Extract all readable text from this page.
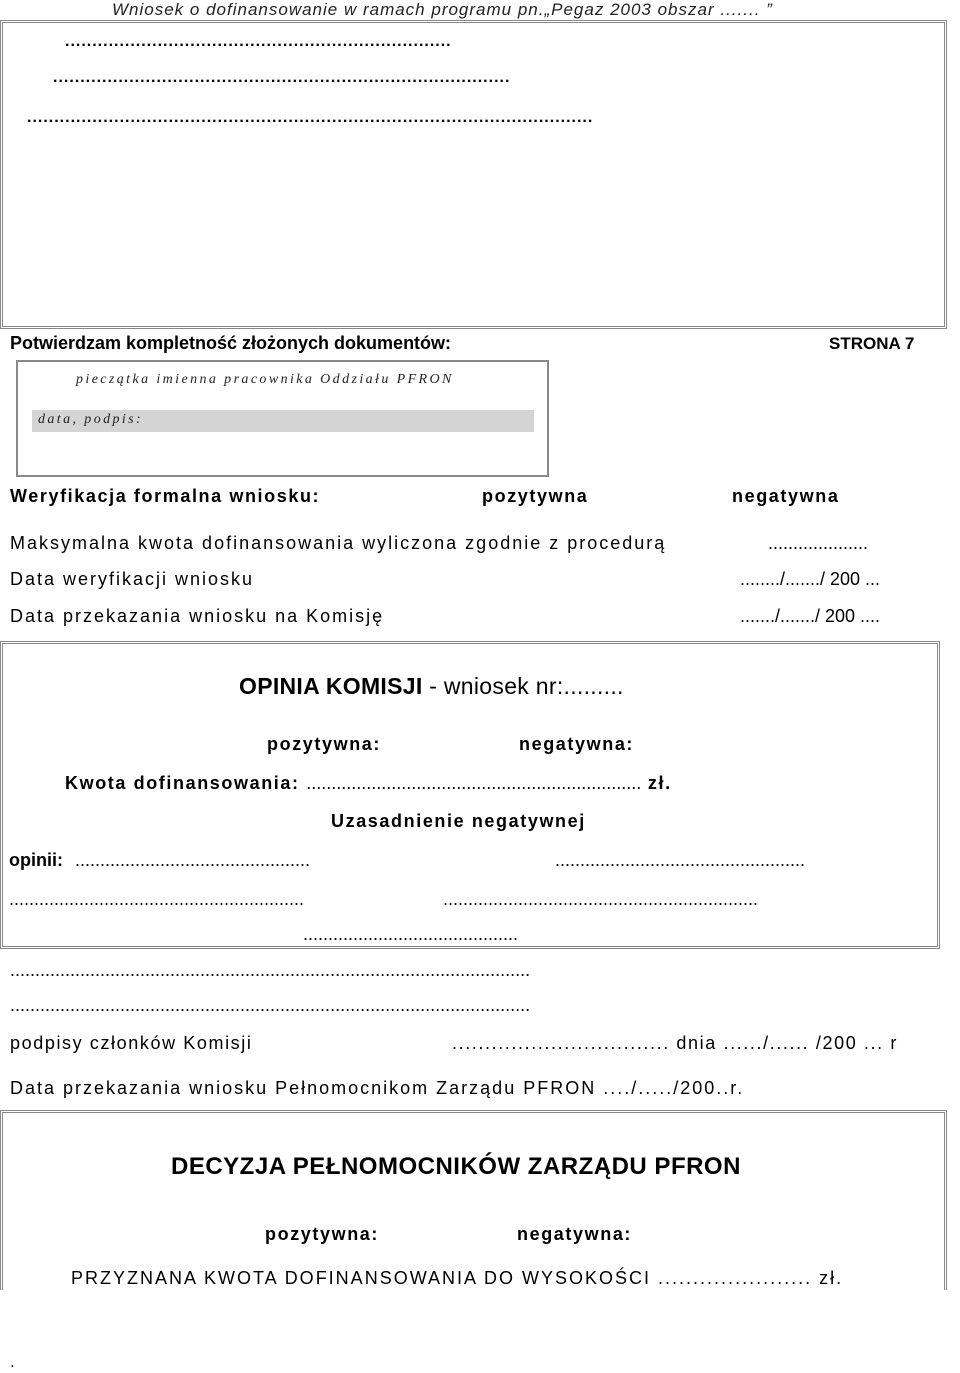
Wniosek o dofinansowanie w ramach programu pn.„Pegaz 2003 obszar ....... ”
.......................................................................
....................................................................................
........................................................................................................
Potwierdzam kompletność złożonych dokumentów:	STRONA 7
pieczątka imienna pracownika Oddziału PFRON
data, podpis:
Weryfikacja formalna wniosku:	pozytywna	negatywna
Maksymalna kwota dofinansowania wyliczona zgodnie z procedurą	....................
Data weryfikacji wniosku	......../......./ 200 ...
Data przekazania wniosku na Komisję	......./......./ 200 ....
OPINIA KOMISJI - wniosek nr:.........
pozytywna:	negatywna:
Kwota dofinansowania: ................................................................... zł.
Uzasadnienie negatywnej
opinii: ...............................................	..................................................
...........................................................	...............................................................
...........................................
........................................................................................................
........................................................................................................
podpisy członków Komisji	................................. dnia ....../...... /200 ... r
Data przekazania wniosku Pełnomocnikom Zarządu PFRON ..../...../200..r.
DECYZJA PEŁNOMOCNIKÓW ZARZĄDU PFRON
pozytywna:	negatywna:
PRZYZNANA KWOTA DOFINANSOWANIA DO WYSOKOŚCI ...................... zł.
.
